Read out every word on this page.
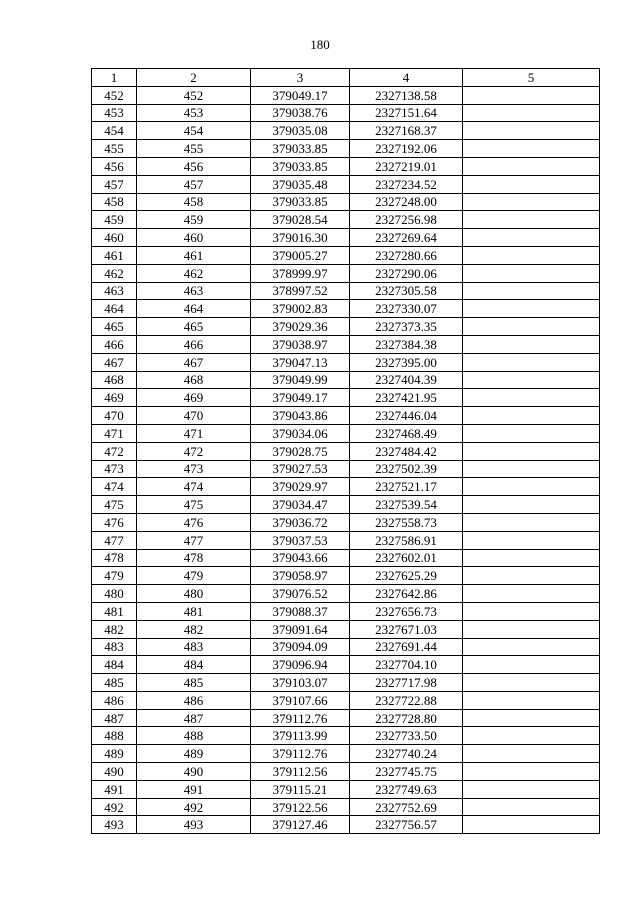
180
1	2	3	4	5
452	452	379049.17	2327138.58	
453	453	379038.76	2327151.64	
454	454	379035.08	2327168.37	
455	455	379033.85	2327192.06	
456	456	379033.85	2327219.01	
457	457	379035.48	2327234.52	
458	458	379033.85	2327248.00	
459	459	379028.54	2327256.98	
460	460	379016.30	2327269.64	
461	461	379005.27	2327280.66	
462	462	378999.97	2327290.06	
463	463	378997.52	2327305.58	
464	464	379002.83	2327330.07	
465	465	379029.36	2327373.35	
466	466	379038.97	2327384.38	
467	467	379047.13	2327395.00	
468	468	379049.99	2327404.39	
469	469	379049.17	2327421.95	
470	470	379043.86	2327446.04	
471	471	379034.06	2327468.49	
472	472	379028.75	2327484.42	
473	473	379027.53	2327502.39	
474	474	379029.97	2327521.17	
475	475	379034.47	2327539.54	
476	476	379036.72	2327558.73	
477	477	379037.53	2327586.91	
478	478	379043.66	2327602.01	
479	479	379058.97	2327625.29	
480	480	379076.52	2327642.86	
481	481	379088.37	2327656.73	
482	482	379091.64	2327671.03	
483	483	379094.09	2327691.44	
484	484	379096.94	2327704.10	
485	485	379103.07	2327717.98	
486	486	379107.66	2327722.88	
487	487	379112.76	2327728.80	
488	488	379113.99	2327733.50	
489	489	379112.76	2327740.24	
490	490	379112.56	2327745.75	
491	491	379115.21	2327749.63	
492	492	379122.56	2327752.69	
493	493	379127.46	2327756.57	
